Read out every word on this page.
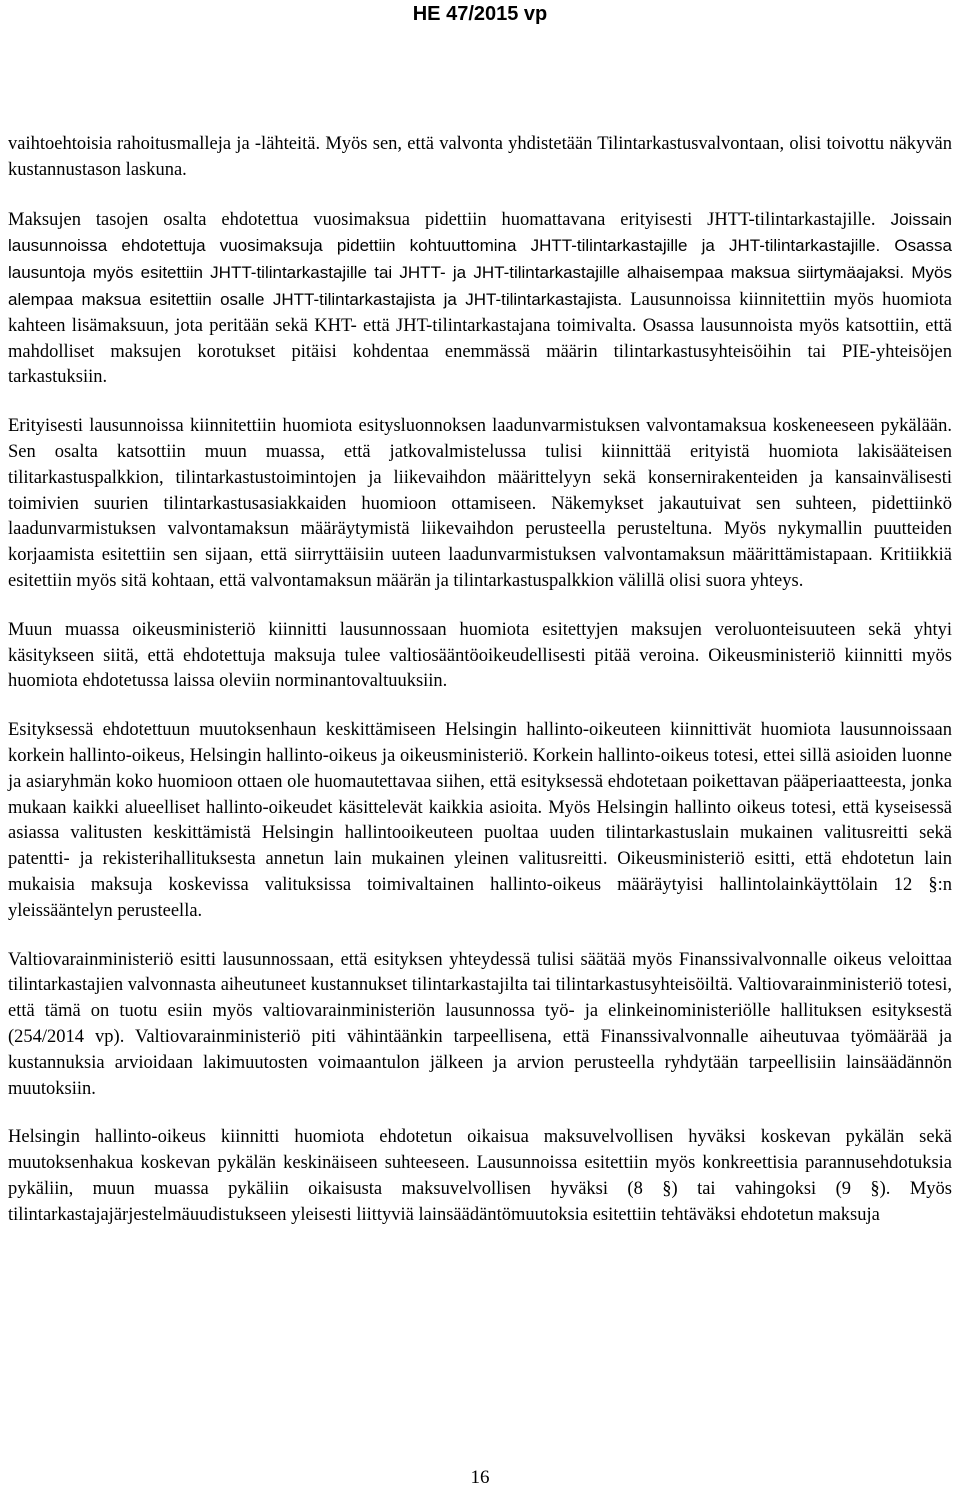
HE 47/2015 vp

vaihtoehtoisia rahoitusmalleja ja -lähteitä. Myös sen, että valvonta yhdistetään Tilintarkastusvalvontaan, olisi toivottu näkyvän kustannustason laskuna.

Maksujen tasojen osalta ehdotettua vuosimaksua pidettiin huomattavana erityisesti JHTT-tilintarkastajille. Joissain lausunnoissa ehdotettuja vuosimaksuja pidettiin kohtuuttomina JHTT-tilintarkastajille ja JHT-tilintarkastajille. Osassa lausuntoja myös esitettiin JHTT-tilintarkastajille tai JHTT- ja JHT-tilintarkastajille alhaisempaa maksua siirtymäajaksi. Myös alempaa maksua esitettiin osalle JHTT-tilintarkastajista ja JHT-tilintarkastajista. Lausunnoissa kiinnitettiin myös huomiota kahteen lisämaksuun, jota peritään sekä KHT- että JHT-tilintarkastajana toimivalta. Osassa lausunnoista myös katsottiin, että mahdolliset maksujen korotukset pitäisi kohdentaa enemmässä määrin tilintarkastusyhteisöihin tai PIE-yhteisöjen tarkastuksiin.

Erityisesti lausunnoissa kiinnitettiin huomiota esitysluonnoksen laadunvarmistuksen valvontamaksua koskeneeseen pykälään. Sen osalta katsottiin muun muassa, että jatkovalmistelussa tulisi kiinnittää erityistä huomiota lakisääteisen tilitarkastuspalkkion, tilintarkastustoimintojen ja liikevaihdon määrittelyyn sekä konsernirakenteiden ja kansainvälisesti toimivien suurien tilintarkastusasiakkaiden huomioon ottamiseen. Näkemykset jakautuivat sen suhteen, pidettiinkö laadunvarmistuksen valvontamaksun määräytymistä liikevaihdon perusteella perusteltuna. Myös nykymallin puutteiden korjaamista esitettiin sen sijaan, että siirryttäisiin uuteen laadunvarmistuksen valvontamaksun määrittämistapaan. Kritiikkiä esitettiin myös sitä kohtaan, että valvontamaksun määrän ja tilintarkastuspalkkion välillä olisi suora yhteys.

Muun muassa oikeusministeriö kiinnitti lausunnossaan huomiota esitettyjen maksujen veroluonteisuuteen sekä yhtyi käsitykseen siitä, että ehdotettuja maksuja tulee valtiosääntöoikeudellisesti pitää veroina. Oikeusministeriö kiinnitti myös huomiota ehdotetussa laissa oleviin norminantovaltuuksiin.

Esityksessä ehdotettuun muutoksenhaun keskittämiseen Helsingin hallinto-oikeuteen kiinnittivät huomiota lausunnoissaan korkein hallinto-oikeus, Helsingin hallinto-oikeus ja oikeusministeriö. Korkein hallinto-oikeus totesi, ettei sillä asioiden luonne ja asiaryhmän koko huomioon ottaen ole huomautettavaa siihen, että esityksessä ehdotetaan poikettavan pääperiaatteesta, jonka mukaan kaikki alueelliset hallinto-oikeudet käsittelevät kaikkia asioita. Myös Helsingin hallinto oikeus totesi, että kyseisessä asiassa valitusten keskittämistä Helsingin hallintooikeuteen puoltaa uuden tilintarkastuslain mukainen valitusreitti sekä patentti- ja rekisterihallituksesta annetun lain mukainen yleinen valitusreitti. Oikeusministeriö esitti, että ehdotetun lain mukaisia maksuja koskevissa valituksissa toimivaltainen hallinto-oikeus määräytyisi hallintolainkäyttölain 12 §:n yleissääntelyn perusteella.

Valtiovarainministeriö esitti lausunnossaan, että esityksen yhteydessä tulisi säätää myös Finanssivalvonnalle oikeus veloittaa tilintarkastajien valvonnasta aiheutuneet kustannukset tilintarkastajilta tai tilintarkastusyhteisöiltä. Valtiovarainministeriö totesi, että tämä on tuotu esiin myös valtiovarainministeriön lausunnossa työ- ja elinkeinoministeriölle hallituksen esityksestä (254/2014 vp). Valtiovarainministeriö piti vähintäänkin tarpeellisena, että Finanssivalvonnalle aiheutuvaa työmäärää ja kustannuksia arvioidaan lakimuutosten voimaantulon jälkeen ja arvion perusteella ryhdytään tarpeellisiin lainsäädännön muutoksiin.

Helsingin hallinto-oikeus kiinnitti huomiota ehdotetun oikaisua maksuvelvollisen hyväksi koskevan pykälän sekä muutoksenhakua koskevan pykälän keskinäiseen suhteeseen. Lausunnoissa esitettiin myös konkreettisia parannusehdotuksia pykäliin, muun muassa pykäliin oikaisusta maksuvelvollisen hyväksi (8 §) tai vahingoksi (9 §). Myös tilintarkastajajärjestelmäuudistukseen yleisesti liittyviä lainsäädäntömuutoksia esitettiin tehtäväksi ehdotetun maksuja

16
